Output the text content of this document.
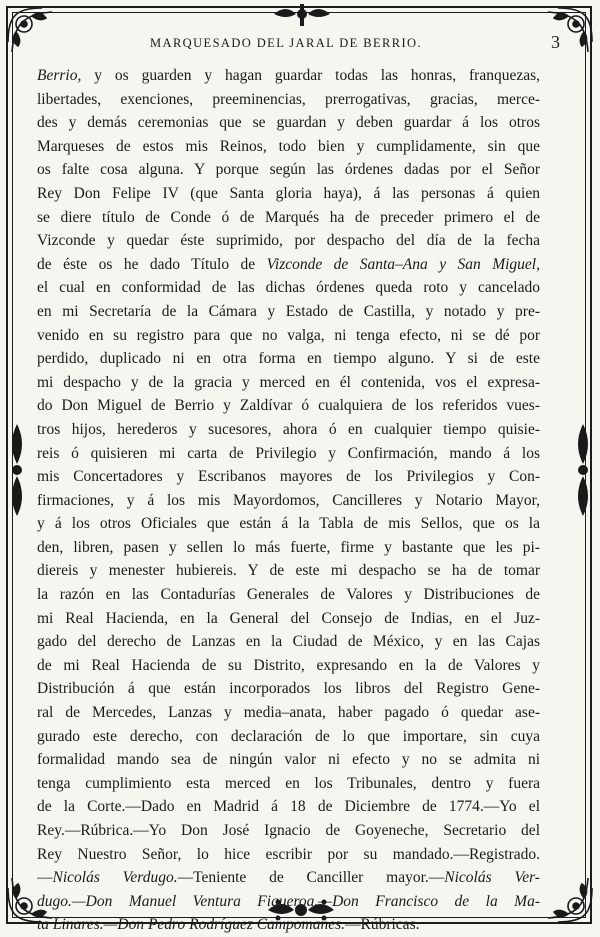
MARQUESADO DEL JARAL DE BERRIO.	3
Berrio, y os guarden y hagan guardar todas las honras, franquezas,
libertades, exenciones, preeminencias, prerrogativas, gracias, merce-
des y demás ceremonias que se guardan y deben guardar á los otros
Marqueses de estos mis Reinos, todo bien y cumplidamente, sin que
os falte cosa alguna. Y porque según las órdenes dadas por el Señor
Rey Don Felipe IV (que Santa gloria haya), á las personas á quien
se diere título de Conde ó de Marqués ha de preceder primero el de
Vizconde y quedar éste suprimido, por despacho del día de la fecha
de éste os he dado Título de Vizconde de Santa–Ana y San Miguel,
el cual en conformidad de las dichas órdenes queda roto y cancelado
en mi Secretaría de la Cámara y Estado de Castilla, y notado y pre-
venido en su registro para que no valga, ni tenga efecto, ni se dé por
perdido, duplicado ni en otra forma en tiempo alguno. Y si de este
mi despacho y de la gracia y merced en él contenida, vos el expresa-
do Don Miguel de Berrio y Zaldívar ó cualquiera de los referidos vues-
tros hijos, herederos y sucesores, ahora ó en cualquier tiempo quisie-
reis ó quisieren mi carta de Privilegio y Confirmación, mando á los
mis Concertadores y Escribanos mayores de los Privilegios y Con-
firmaciones, y á los mis Mayordomos, Cancilleres y Notario Mayor,
y á los otros Oficiales que están á la Tabla de mis Sellos, que os la
den, libren, pasen y sellen lo más fuerte, firme y bastante que les pi-
diereis y menester hubiereis. Y de este mi despacho se ha de tomar
la razón en las Contadurías Generales de Valores y Distribuciones de
mi Real Hacienda, en la General del Consejo de Indias, en el Juz-
gado del derecho de Lanzas en la Ciudad de México, y en las Cajas
de mi Real Hacienda de su Distrito, expresando en la de Valores y
Distribución á que están incorporados los libros del Registro Gene-
ral de Mercedes, Lanzas y media–anata, haber pagado ó quedar ase-
gurado este derecho, con declaración de lo que importare, sin cuya
formalidad mando sea de ningún valor ni efecto y no se admita ni
tenga cumplimiento esta merced en los Tribunales, dentro y fuera
de la Corte.—Dado en Madrid á 18 de Diciembre de 1774.—Yo el
Rey.—Rúbrica.—Yo Don José Ignacio de Goyeneche, Secretario del
Rey Nuestro Señor, lo hice escribir por su mandado.—Registrado.
—Nicolás Verdugo.—Teniente de Canciller mayor.—Nicolás Ver-
dugo.—Don Manuel Ventura Figueroa.—Don Francisco de la Ma-
ta Linares.—Don Pedro Rodríguez Campomanes.—Rúbricas.
